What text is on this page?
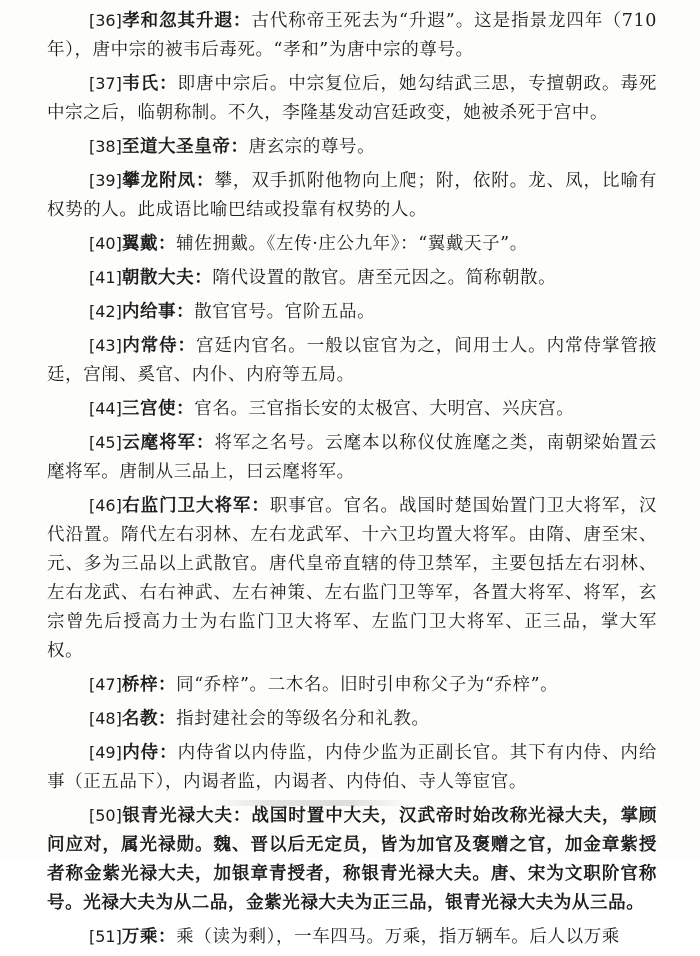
[36]孝和忽其升遐：古代称帝王死去为“升遐”。这是指景龙四年（710年），唐中宗的被韦后毒死。“孝和”为唐中宗的尊号。

[37]韦氏：即唐中宗后。中宗复位后，她勾结武三思，专擅朝政。毒死中宗之后，临朝称制。不久，李隆基发动宫廷政变，她被杀死于宫中。

[38]至道大圣皇帝：唐玄宗的尊号。

[39]攀龙附凤：攀，双手抓附他物向上爬；附，依附。龙、凤，比喻有权势的人。此成语比喻巴结或投靠有权势的人。

[40]翼戴：辅佐拥戴。《左传·庄公九年》：“翼戴天子”。

[41]朝散大夫：隋代设置的散官。唐至元因之。简称朝散。

[42]内给事：散官官号。官阶五品。

[43]内常侍：宫廷内官名。一般以宦官为之，间用士人。内常侍掌管掖廷，宫闱、奚官、内仆、内府等五局。

[44]三宫使：官名。三官指长安的太极宫、大明宫、兴庆宫。

[45]云麾将军：将军之名号。云麾本以称仪仗旌麾之类，南朝梁始置云麾将军。唐制从三品上，曰云麾将军。

[46]右监门卫大将军：职事官。官名。战国时楚国始置门卫大将军，汉代沿置。隋代左右羽林、左右龙武军、十六卫均置大将军。由隋、唐至宋、元、多为三品以上武散官。唐代皇帝直辖的侍卫禁军，主要包括左右羽林、左右龙武、右右神武、左右神策、左右监门卫等军，各置大将军、将军，玄宗曾先后授高力士为右监门卫大将军、左监门卫大将军、正三品，掌大军权。

[47]桥梓：同“乔梓”。二木名。旧时引申称父子为“乔梓”。

[48]名教：指封建社会的等级名分和礼教。

[49]内侍：内侍省以内侍监，内侍少监为正副长官。其下有内侍、内给事（正五品下），内谒者监，内谒者、内侍伯、寺人等宦官。

[50]银青光禄大夫：战国时置中大夫，汉武帝时始改称光禄大夫，掌顾问应对，属光禄勋。魏、晋以后无定员，皆为加官及褒赠之官，加金章紫授者称金紫光禄大夫，加银章青授者，称银青光禄大夫。唐、宋为文职阶官称号。光禄大夫为从二品，金紫光禄大夫为正三品，银青光禄大夫为从三品。

[51]万乘：乘（读为剩），一车四马。万乘，指万辆车。后人以万乘
